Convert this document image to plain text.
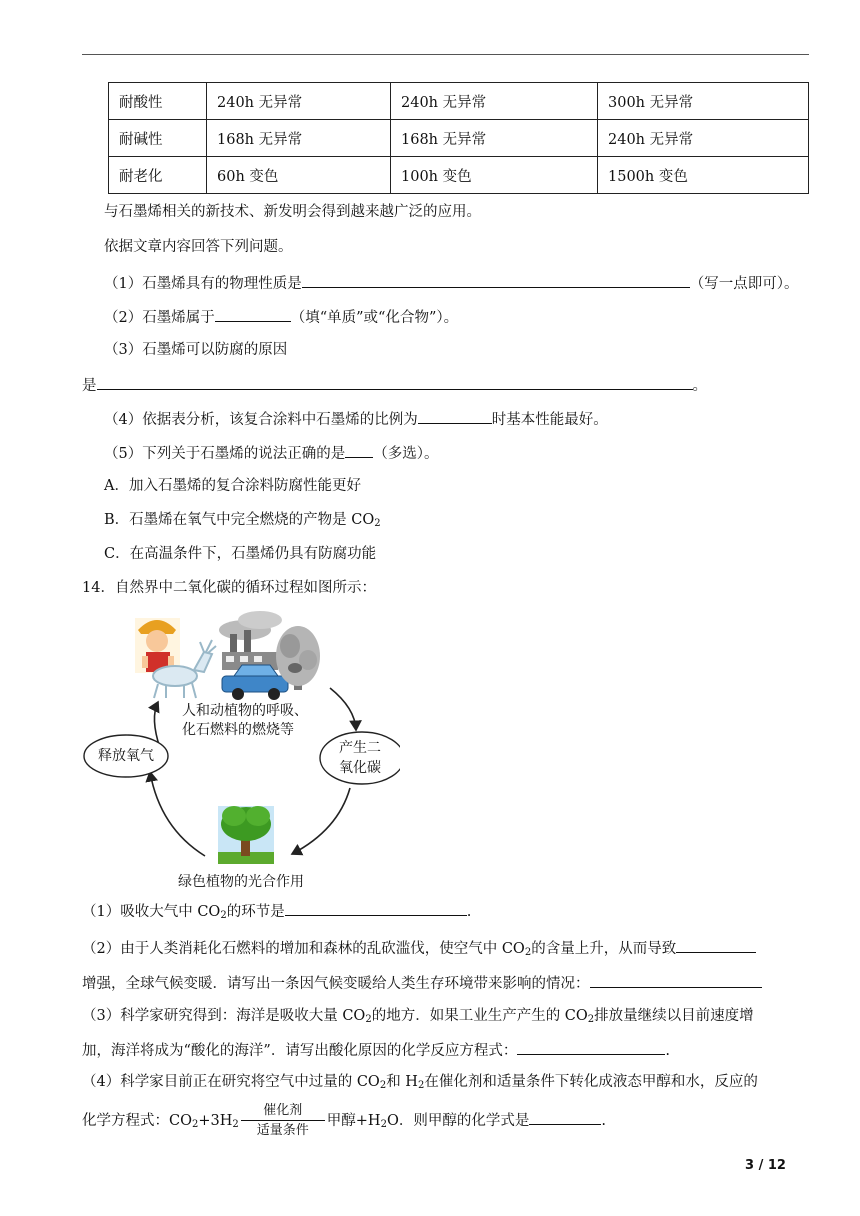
耐酸性	240h 无异常	240h 无异常	300h 无异常
耐碱性	168h 无异常	168h 无异常	240h 无异常
耐老化	60h 变色	100h 变色	1500h 变色
与石墨烯相关的新技术、新发明会得到越来越广泛的应用。
依据文章内容回答下列问题。
（1）石墨烯具有的物理性质是	（写一点即可）。
（2）石墨烯属于	（填“单质”或“化合物”）。
（3）石墨烯可以防腐的原因
是	。
（4）依据表分析，该复合涂料中石墨烯的比例为	时基本性能最好。
（5）下列关于石墨烯的说法正确的是 （多选）。
A．加入石墨烯的复合涂料防腐性能更好
B．石墨烯在氧气中完全燃烧的产物是 $CO_2$
C．在高温条件下，石墨烯仍具有防腐功能
14．自然界中二氧化碳的循环过程如图所示：
人和动植物的呼吸、
化石燃料的燃烧等
释放氧气	产生二
氧化碳
绿色植物的光合作用
（1）吸收大气中 $CO_2$的环节是	.
（2）由于人类消耗化石燃料的增加和森林的乱砍滥伐，使空气中 $CO_2$的含量上升，从而导致
增强，全球气候变暖．请写出一条因气候变暖给人类生存环境带来影响的情况：
（3）科学家研究得到：海洋是吸收大量 $CO_2$的地方．如果工业生产产生的 $CO_2$排放量继续以目前速度增
加，海洋将成为“酸化的海洋”．请写出酸化原因的化学反应方程式：	.
（4）科学家目前正在研究将空气中过量的 $CO_2$和 $H_2$在催化剂和适量条件下转化成液态甲醇和水，反应的
化学方程式：$CO_2+3H_2 \frac{\text{催化剂}}{\text{适量条件}}$ 甲醇$+H_2O$．则甲醇的化学式是	.
3 / 12
